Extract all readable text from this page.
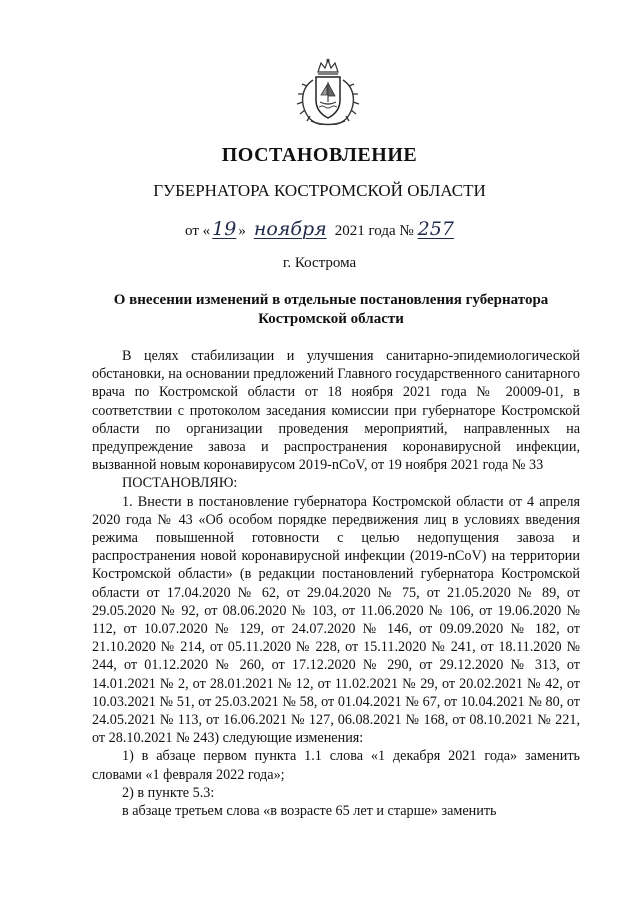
ПОСТАНОВЛЕНИЕ
ГУБЕРНАТОРА КОСТРОМСКОЙ ОБЛАСТИ
от « 19 » ноября 2021 года № 257
г. Кострома
О внесении изменений в отдельные постановления губернатора Костромской области

В целях стабилизации и улучшения санитарно-эпидемиологической обстановки, на основании предложений Главного государственного санитарного врача по Костромской области от 18 ноября 2021 года № 20009-01, в соответствии с протоколом заседания комиссии при губернаторе Костромской области по организации проведения мероприятий, направленных на предупреждение завоза и распространения коронавирусной инфекции, вызванной новым коронавирусом 2019-nCoV, от 19 ноября 2021 года № 33

ПОСТАНОВЛЯЮ:

1. Внести в постановление губернатора Костромской области от 4 апреля 2020 года № 43 «Об особом порядке передвижения лиц в условиях введения режима повышенной готовности с целью недопущения завоза и распространения новой коронавирусной инфекции (2019-nCoV) на территории Костромской области» (в редакции постановлений губернатора Костромской области от 17.04.2020 № 62, от 29.04.2020 № 75, от 21.05.2020 № 89, от 29.05.2020 № 92, от 08.06.2020 № 103, от 11.06.2020 № 106, от 19.06.2020 № 112, от 10.07.2020 № 129, от 24.07.2020 № 146, от 09.09.2020 № 182, от 21.10.2020 № 214, от 05.11.2020 № 228, от 15.11.2020 № 241, от 18.11.2020 № 244, от 01.12.2020 № 260, от 17.12.2020 № 290, от 29.12.2020 № 313, от 14.01.2021 № 2, от 28.01.2021 № 12, от 11.02.2021 № 29, от 20.02.2021 № 42, от 10.03.2021 № 51, от 25.03.2021 № 58, от 01.04.2021 № 67, от 10.04.2021 № 80, от 24.05.2021 № 113, от 16.06.2021 № 127, 06.08.2021 № 168, от 08.10.2021 № 221, от 28.10.2021 № 243) следующие изменения:

1) в абзаце первом пункта 1.1 слова «1 декабря 2021 года» заменить словами «1 февраля 2022 года»;

2) в пункте 5.3:

в абзаце третьем слова «в возрасте 65 лет и старше» заменить
